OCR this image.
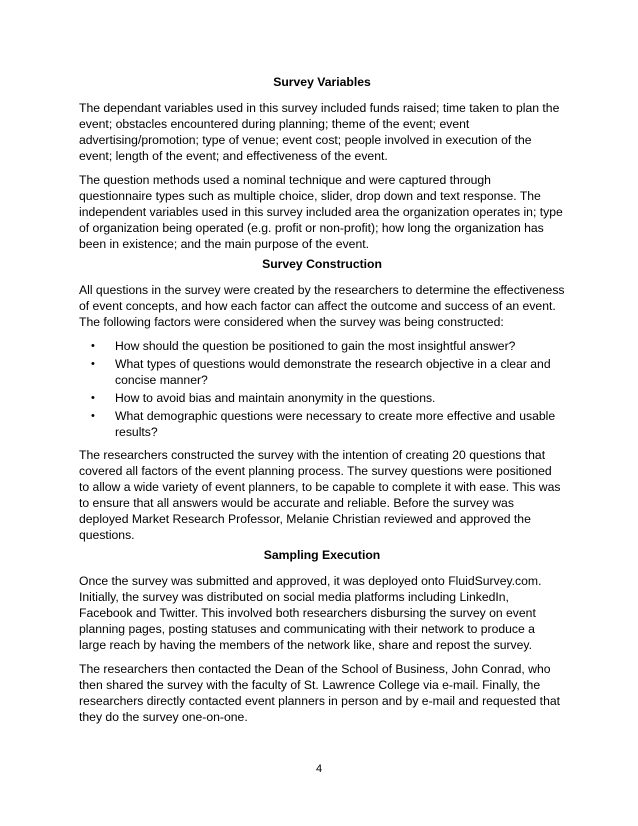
Survey Variables

The dependant variables used in this survey included funds raised; time taken to plan the event; obstacles encountered during planning; theme of the event; event advertising/promotion; type of venue; event cost; people involved in execution of the event; length of the event; and effectiveness of the event.

The question methods used a nominal technique and were captured through questionnaire types such as multiple choice, slider, drop down and text response. The independent variables used in this survey included area the organization operates in; type of organization being operated (e.g. profit or non-profit); how long the organization has been in existence; and the main purpose of the event.

Survey Construction

All questions in the survey were created by the researchers to determine the effectiveness of event concepts, and how each factor can affect the outcome and success of an event. The following factors were considered when the survey was being constructed:

• How should the question be positioned to gain the most insightful answer?
• What types of questions would demonstrate the research objective in a clear and concise manner?
• How to avoid bias and maintain anonymity in the questions.
• What demographic questions were necessary to create more effective and usable results?

The researchers constructed the survey with the intention of creating 20 questions that covered all factors of the event planning process. The survey questions were positioned to allow a wide variety of event planners, to be capable to complete it with ease. This was to ensure that all answers would be accurate and reliable. Before the survey was deployed Market Research Professor, Melanie Christian reviewed and approved the questions.

Sampling Execution

Once the survey was submitted and approved, it was deployed onto FluidSurvey.com. Initially, the survey was distributed on social media platforms including LinkedIn, Facebook and Twitter. This involved both researchers disbursing the survey on event planning pages, posting statuses and communicating with their network to produce a large reach by having the members of the network like, share and repost the survey.

The researchers then contacted the Dean of the School of Business, John Conrad, who then shared the survey with the faculty of St. Lawrence College via e-mail. Finally, the researchers directly contacted event planners in person and by e-mail and requested that they do the survey one-on-one.

4
